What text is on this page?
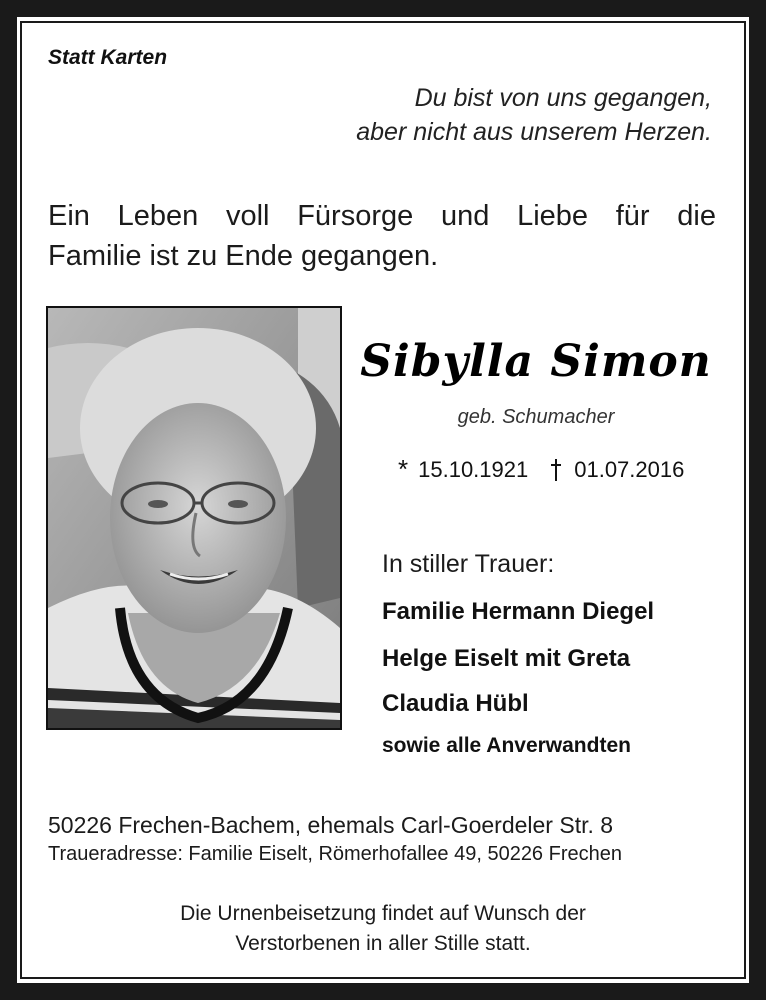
Statt Karten
Du bist von uns gegangen,
aber nicht aus unserem Herzen.
Ein Leben voll Fürsorge und Liebe für die
Familie ist zu Ende gegangen.
Sibylla Simon
geb. Schumacher
* 15.10.1921 01.07.2016
In stiller Trauer:
Familie Hermann Diegel
Helge Eiselt mit Greta
Claudia Hübl
sowie alle Anverwandten
50226 Frechen-Bachem, ehemals Carl-Goerdeler Str. 8
Traueradresse: Familie Eiselt, Römerhofallee 49, 50226 Frechen
Die Urnenbeisetzung findet auf Wunsch der
Verstorbenen in aller Stille statt.
